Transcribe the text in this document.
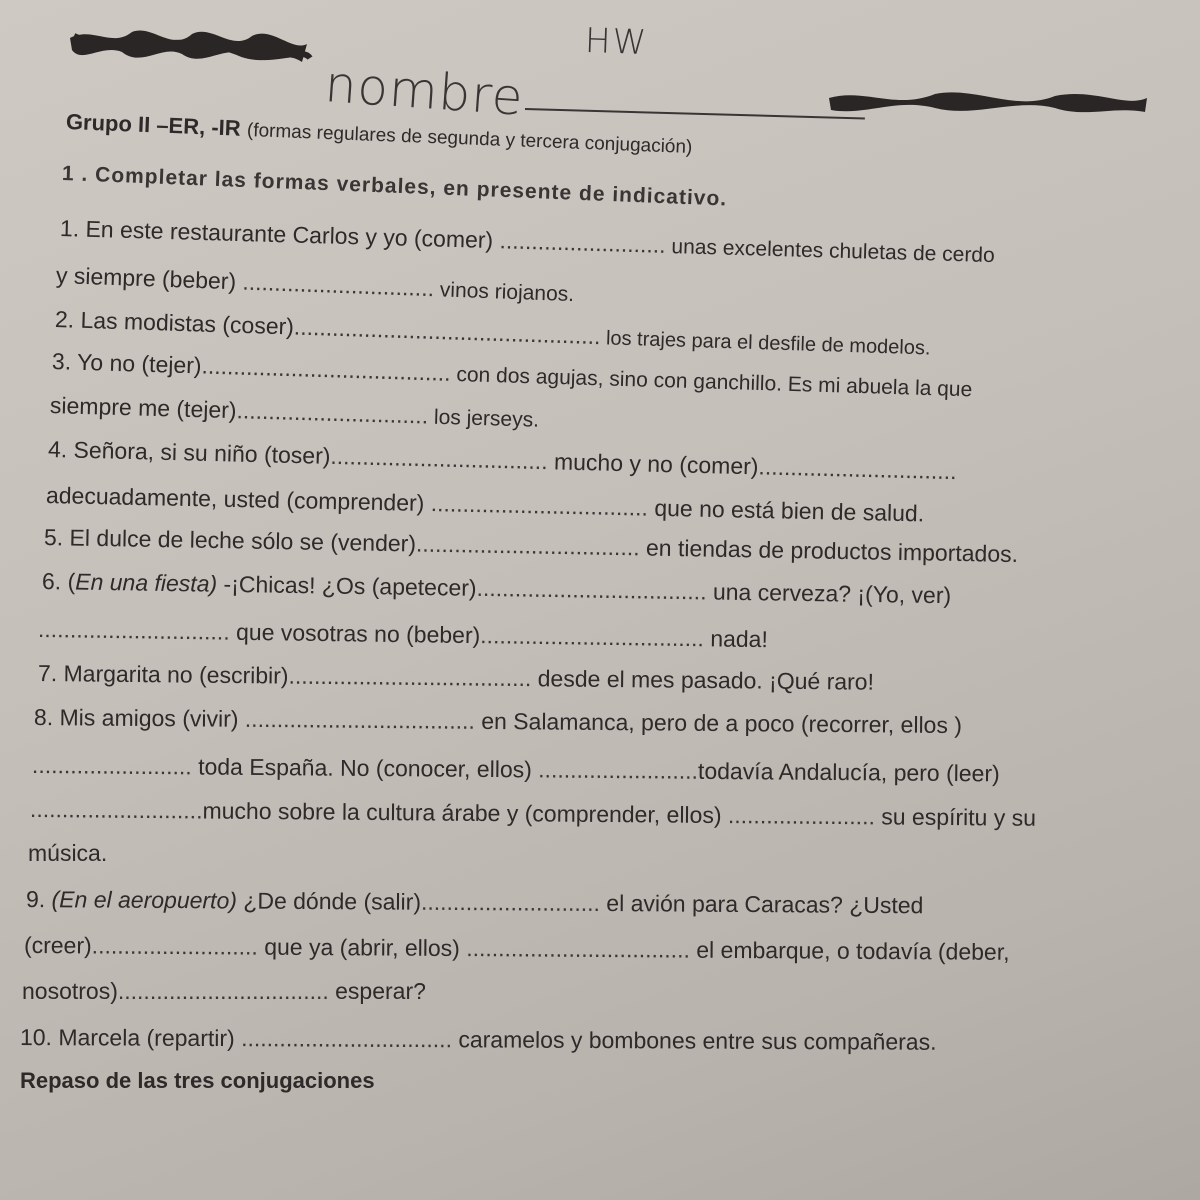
HW
nombre
Grupo II –ER, -IR (formas regulares de segunda y tercera conjugación)
1 . Completar las formas verbales, en presente de indicativo.
1. En este restaurante Carlos y yo (comer) .......................... unas excelentes chuletas de cerdo
y siempre (beber) .............................. vinos riojanos.
2. Las modistas (coser)................................................ los trajes para el desfile de modelos.
3. Yo no (tejer)....................................... con dos agujas, sino con ganchillo. Es mi abuela la que
siempre me (tejer).............................. los jerseys.
4. Señora, si su niño (toser).................................. mucho y no (comer)...............................
adecuadamente, usted (comprender) .................................. que no está bien de salud.
5. El dulce de leche sólo se (vender)................................... en tiendas de productos importados.
6. (En una fiesta) -¡Chicas! ¿Os (apetecer).................................... una cerveza? ¡(Yo, ver)
.............................. que vosotras no (beber)................................... nada!
7. Margarita no (escribir)...................................... desde el mes pasado. ¡Qué raro!
8. Mis amigos (vivir) .................................... en Salamanca, pero de a poco (recorrer, ellos )
......................... toda España. No (conocer, ellos) .........................todavía Andalucía, pero (leer)
...........................mucho sobre la cultura árabe y (comprender, ellos) ....................... su espíritu y su
música.
9. (En el aeropuerto) ¿De dónde (salir)............................ el avión para Caracas? ¿Usted
(creer).......................... que ya (abrir, ellos) ................................... el embarque, o todavía (deber,
nosotros)................................. esperar?
10. Marcela (repartir) ................................. caramelos y bombones entre sus compañeras.
Repaso de las tres conjugaciones
